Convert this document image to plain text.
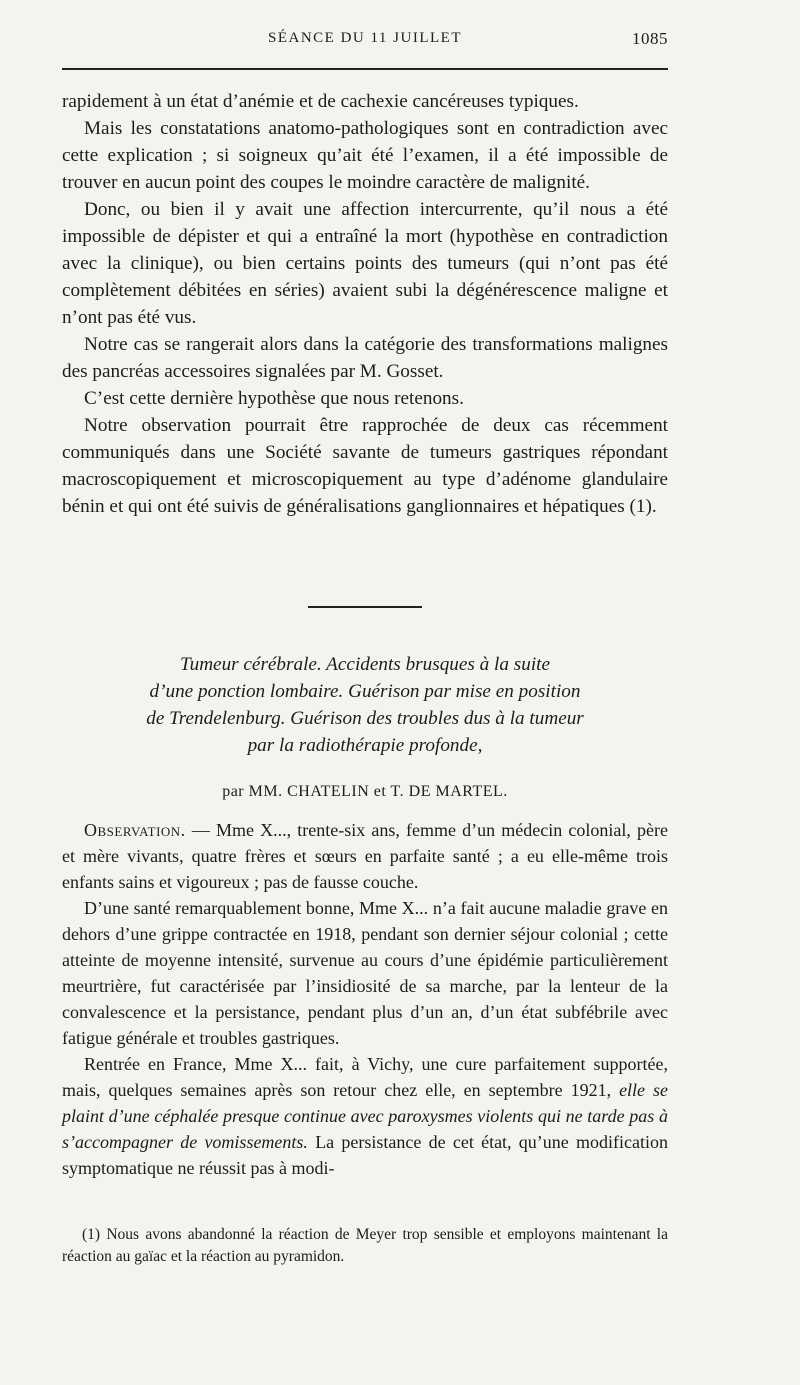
SÉANCE DU 11 JUILLET	1085

rapidement à un état d’anémie et de cachexie cancéreuses typiques.

Mais les constatations anatomo-pathologiques sont en contradiction avec cette explication ; si soigneux qu’ait été l’examen, il a été impossible de trouver en aucun point des coupes le moindre caractère de malignité.

Donc, ou bien il y avait une affection intercurrente, qu’il nous a été impossible de dépister et qui a entraîné la mort (hypothèse en contradiction avec la clinique), ou bien certains points des tumeurs (qui n’ont pas été complètement débitées en séries) avaient subi la dégénérescence maligne et n’ont pas été vus.

Notre cas se rangerait alors dans la catégorie des transformations malignes des pancréas accessoires signalées par M. Gosset.

C’est cette dernière hypothèse que nous retenons.

Notre observation pourrait être rapprochée de deux cas récemment communiqués dans une Société savante de tumeurs gastriques répondant macroscopiquement et microscopiquement au type d’adénome glandulaire bénin et qui ont été suivis de généralisations ganglionnaires et hépatiques (1).

Tumeur cérébrale. Accidents brusques à la suite
d’une ponction lombaire. Guérison par mise en position
de Trendelenburg. Guérison des troubles dus à la tumeur
par la radiothérapie profonde,
par MM. CHATELIN et T. DE MARTEL.

Observation. — Mme X..., trente-six ans, femme d’un médecin colonial, père et mère vivants, quatre frères et sœurs en parfaite santé ; a eu elle-même trois enfants sains et vigoureux ; pas de fausse couche.

D’une santé remarquablement bonne, Mme X... n’a fait aucune maladie grave en dehors d’une grippe contractée en 1918, pendant son dernier séjour colonial ; cette atteinte de moyenne intensité, survenue au cours d’une épidémie particulièrement meurtrière, fut caractérisée par l’insidiosité de sa marche, par la lenteur de la convalescence et la persistance, pendant plus d’un an, d’un état subfébrile avec fatigue générale et troubles gastriques.

Rentrée en France, Mme X... fait, à Vichy, une cure parfaitement supportée, mais, quelques semaines après son retour chez elle, en septembre 1921, elle se plaint d’une céphalée presque continue avec paroxysmes violents qui ne tarde pas à s’accompagner de vomissements. La persistance de cet état, qu’une modification symptomatique ne réussit pas à modi-

(1) Nous avons abandonné la réaction de Meyer trop sensible et employons maintenant la réaction au gaïac et la réaction au pyramidon.
